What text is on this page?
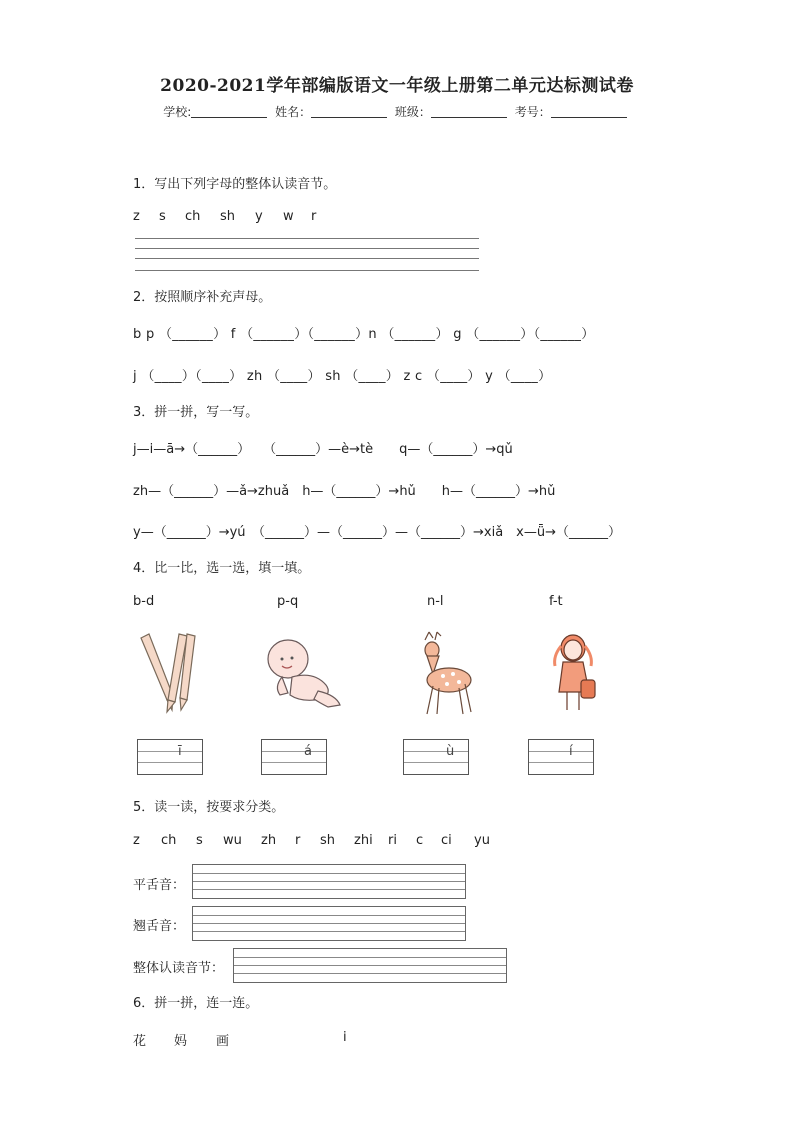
2020-2021学年部编版语文一年级上册第二单元达标测试卷
学校:	姓名：	班级：	考号：
1．写出下列字母的整体认读音节。
z s ch sh y w r
2．按照顺序补充声母。
b p （______） f （______）（______）n （______） g （______）（______）
j （____）（____） zh （____） sh （____） z c （____） y （____）
3．拼一拼，写一写。
j—i—ā→（______）　　（______）—è→tè　　q—（______）→qǔ
zh—（______）—ǎ→zhuǎ　h—（______）→hǔ　　h—（______）→hǔ
y—（______）→yú　（______）—（______）—（______）→xiǎ　x—ǖ→（______）
4．比一比，选一选，填一填。
b-d	p-q	n-l	f-t
ī	á	ù	í
5．读一读，按要求分类。
z ch s wu zh r sh zhi ri c ci yu
平舌音：
翘舌音：
整体认读音节：
6．拼一拼，连一连。
花 妈 画	i
